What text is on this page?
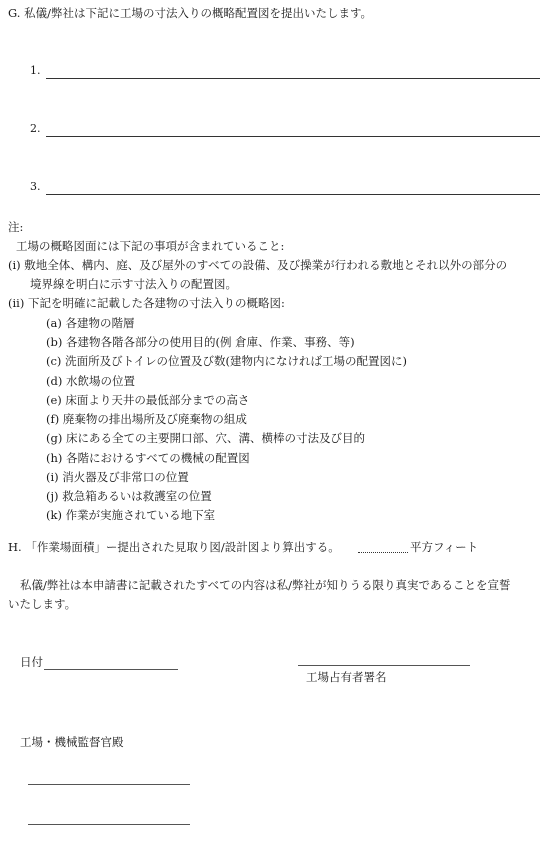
G. 私儀/弊社は下記に工場の寸法入りの概略配置図を提出いたします。
1.
2.
3.
注:
工場の概略図面には下記の事項が含まれていること:
(i) 敷地全体、構内、庭、及び屋外のすべての設備、及び操業が行われる敷地とそれ以外の部分の
境界線を明白に示す寸法入りの配置図。
(ii) 下記を明確に記載した各建物の寸法入りの概略図:
(a) 各建物の階層
(b) 各建物各階各部分の使用目的(例 倉庫、作業、事務、等)
(c) 洗面所及びトイレの位置及び数(建物内になければ工場の配置図に)
(d) 水飲場の位置
(e) 床面より天井の最低部分までの高さ
(f) 廃棄物の排出場所及び廃棄物の組成
(g) 床にある全ての主要開口部、穴、溝、横棒の寸法及び目的
(h) 各階におけるすべての機械の配置図
(i) 消火器及び非常口の位置
(j) 救急箱あるいは救護室の位置
(k) 作業が実施されている地下室
H. 「作業場面積」ー提出された見取り図/設計図より算出する。	平方フィート
私儀/弊社は本申請書に記載されたすべての内容は私/弊社が知りうる限り真実であることを宣誓
いたします。
日付
工場占有者署名
工場・機械監督官殿
